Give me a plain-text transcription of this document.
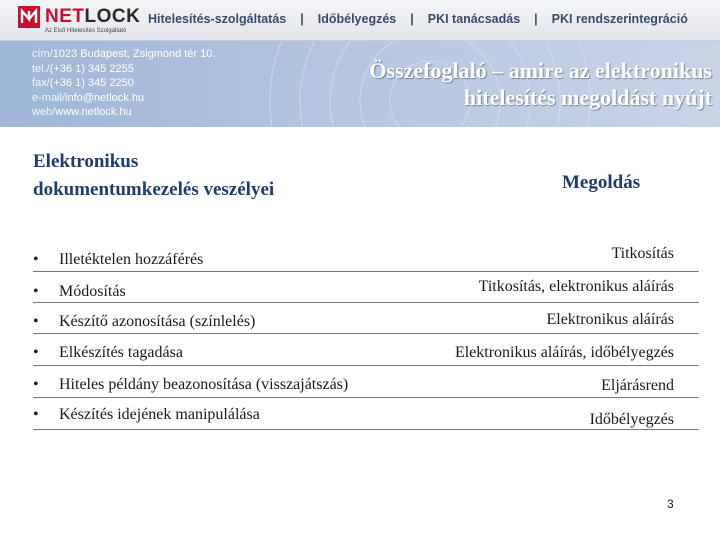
NETLOCK
Az Első Hitelesítés Szolgáltató
Hitelesítés-szolgáltatás | Időbélyegzés | PKI tanácsadás | PKI rendszerintegráció
cím/1023 Budapest, Zsigmond tér 10.
tel./(+36 1) 345 2255
fax/(+36 1) 345 2250
e-mail/info@netlock.hu
web/www.netlock.hu
Összefoglaló – amire az elektronikus
hitelesítés megoldást nyújt
Elektronikus
dokumentumkezelés veszélyei	Megoldás
• Illetéktelen hozzáférés	Titkosítás
• Módosítás	Titkosítás, elektronikus aláírás
• Készítő azonosítása (színlelés)	Elektronikus aláírás
• Elkészítés tagadása	Elektronikus aláírás, időbélyegzés
• Hiteles példány beazonosítása (visszajátszás)	Eljárásrend
• Készítés idejének manipulálása	Időbélyegzés
3
